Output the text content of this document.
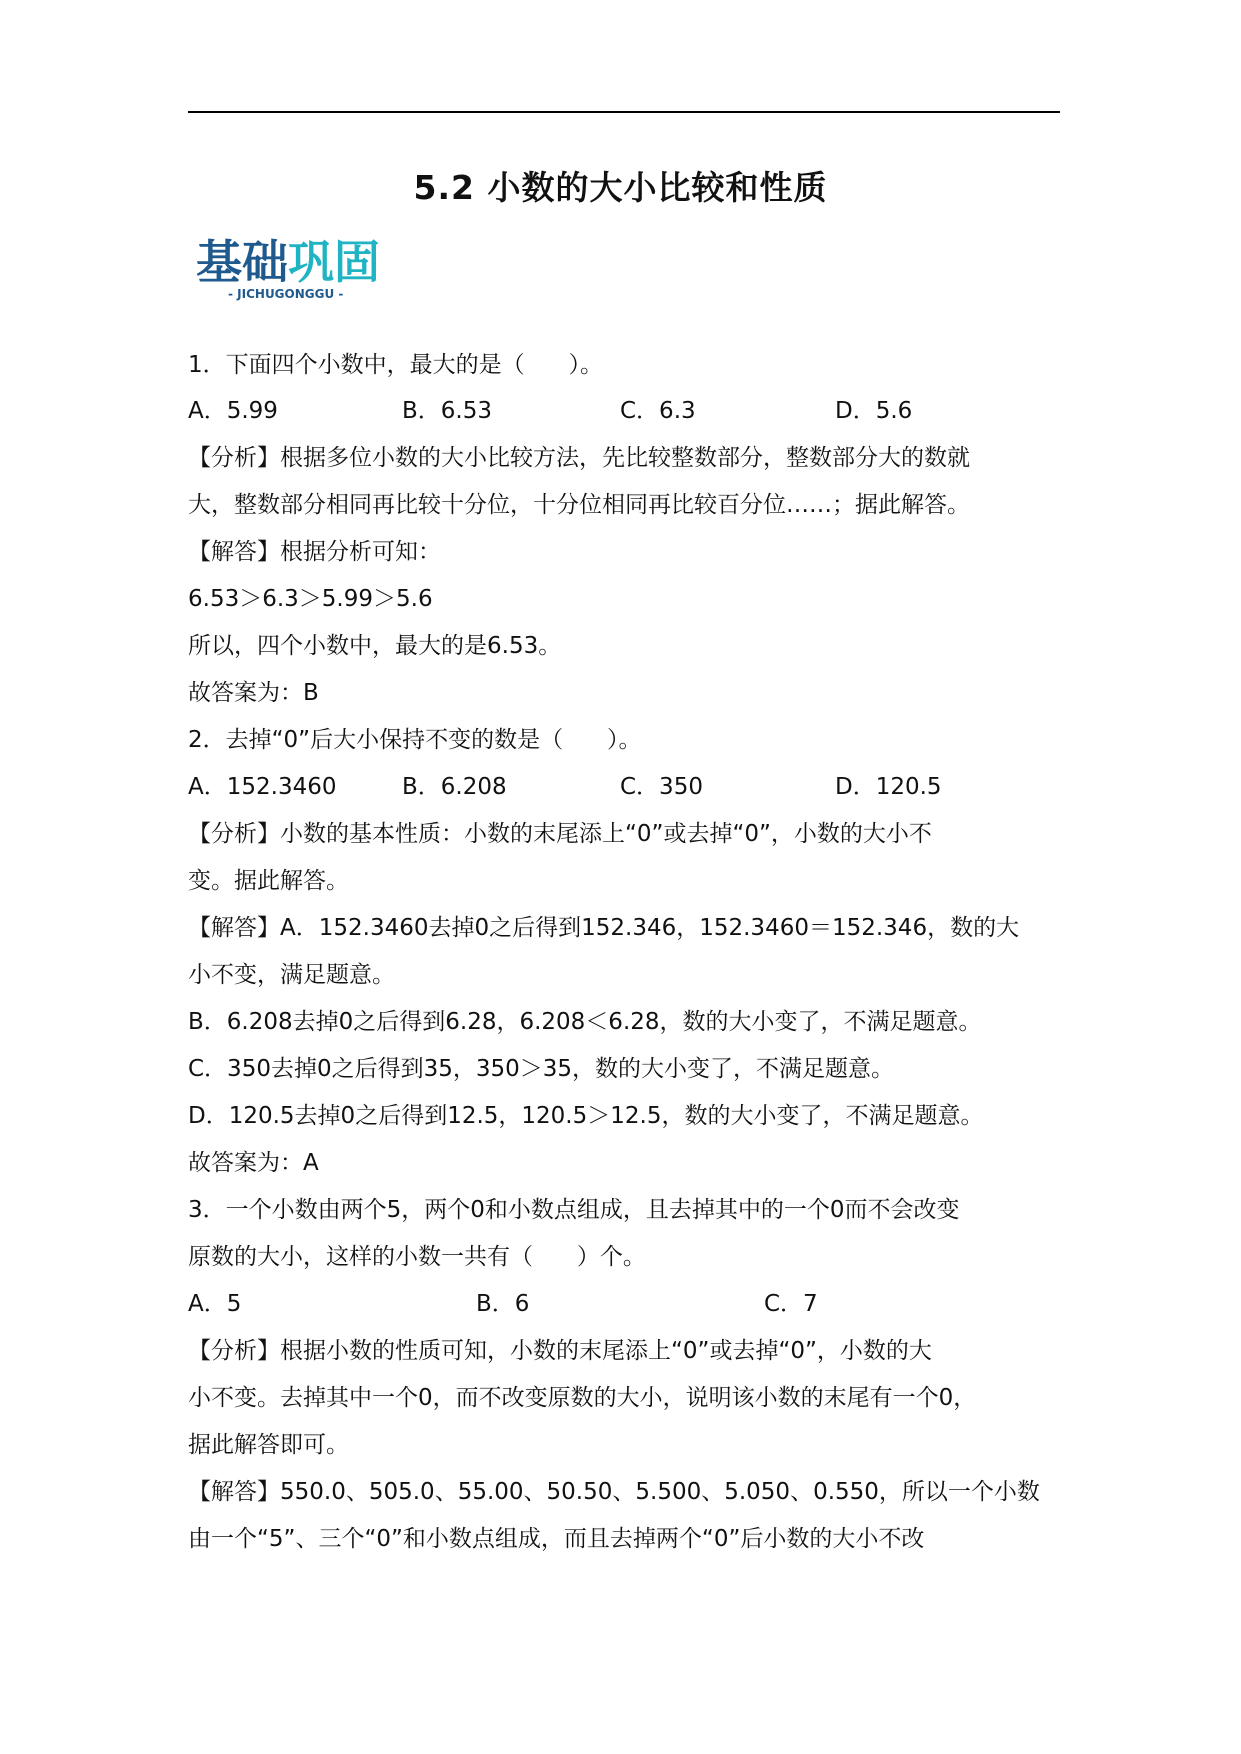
5.2 小数的大小比较和性质
基础巩固
- JICHUGONGGU -
1．下面四个小数中，最大的是（      ）。
A．5.99	B．6.53	C．6.3	D．5.6
【分析】根据多位小数的大小比较方法，先比较整数部分，整数部分大的数就
大，整数部分相同再比较十分位，十分位相同再比较百分位……；据此解答。
【解答】根据分析可知：
6.53＞6.3＞5.99＞5.6
所以，四个小数中，最大的是6.53。
故答案为：B
2．去掉“0”后大小保持不变的数是（      ）。
A．152.3460	B．6.208	C．350	D．120.5
【分析】小数的基本性质：小数的末尾添上“0”或去掉“0”，小数的大小不
变。据此解答。
【解答】A．152.3460去掉0之后得到152.346，152.3460＝152.346，数的大
小不变，满足题意。
B．6.208去掉0之后得到6.28，6.208＜6.28，数的大小变了，不满足题意。
C．350去掉0之后得到35，350＞35，数的大小变了，不满足题意。
D．120.5去掉0之后得到12.5，120.5＞12.5，数的大小变了，不满足题意。
故答案为：A
3．一个小数由两个5，两个0和小数点组成，且去掉其中的一个0而不会改变
原数的大小，这样的小数一共有（      ）个。
A．5	B．6	C．7
【分析】根据小数的性质可知，小数的末尾添上“0”或去掉“0”，小数的大
小不变。去掉其中一个0，而不改变原数的大小，说明该小数的末尾有一个0，
据此解答即可。
【解答】550.0、505.0、55.00、50.50、5.500、5.050、0.550，所以一个小数
由一个“5”、三个“0”和小数点组成，而且去掉两个“0”后小数的大小不改
